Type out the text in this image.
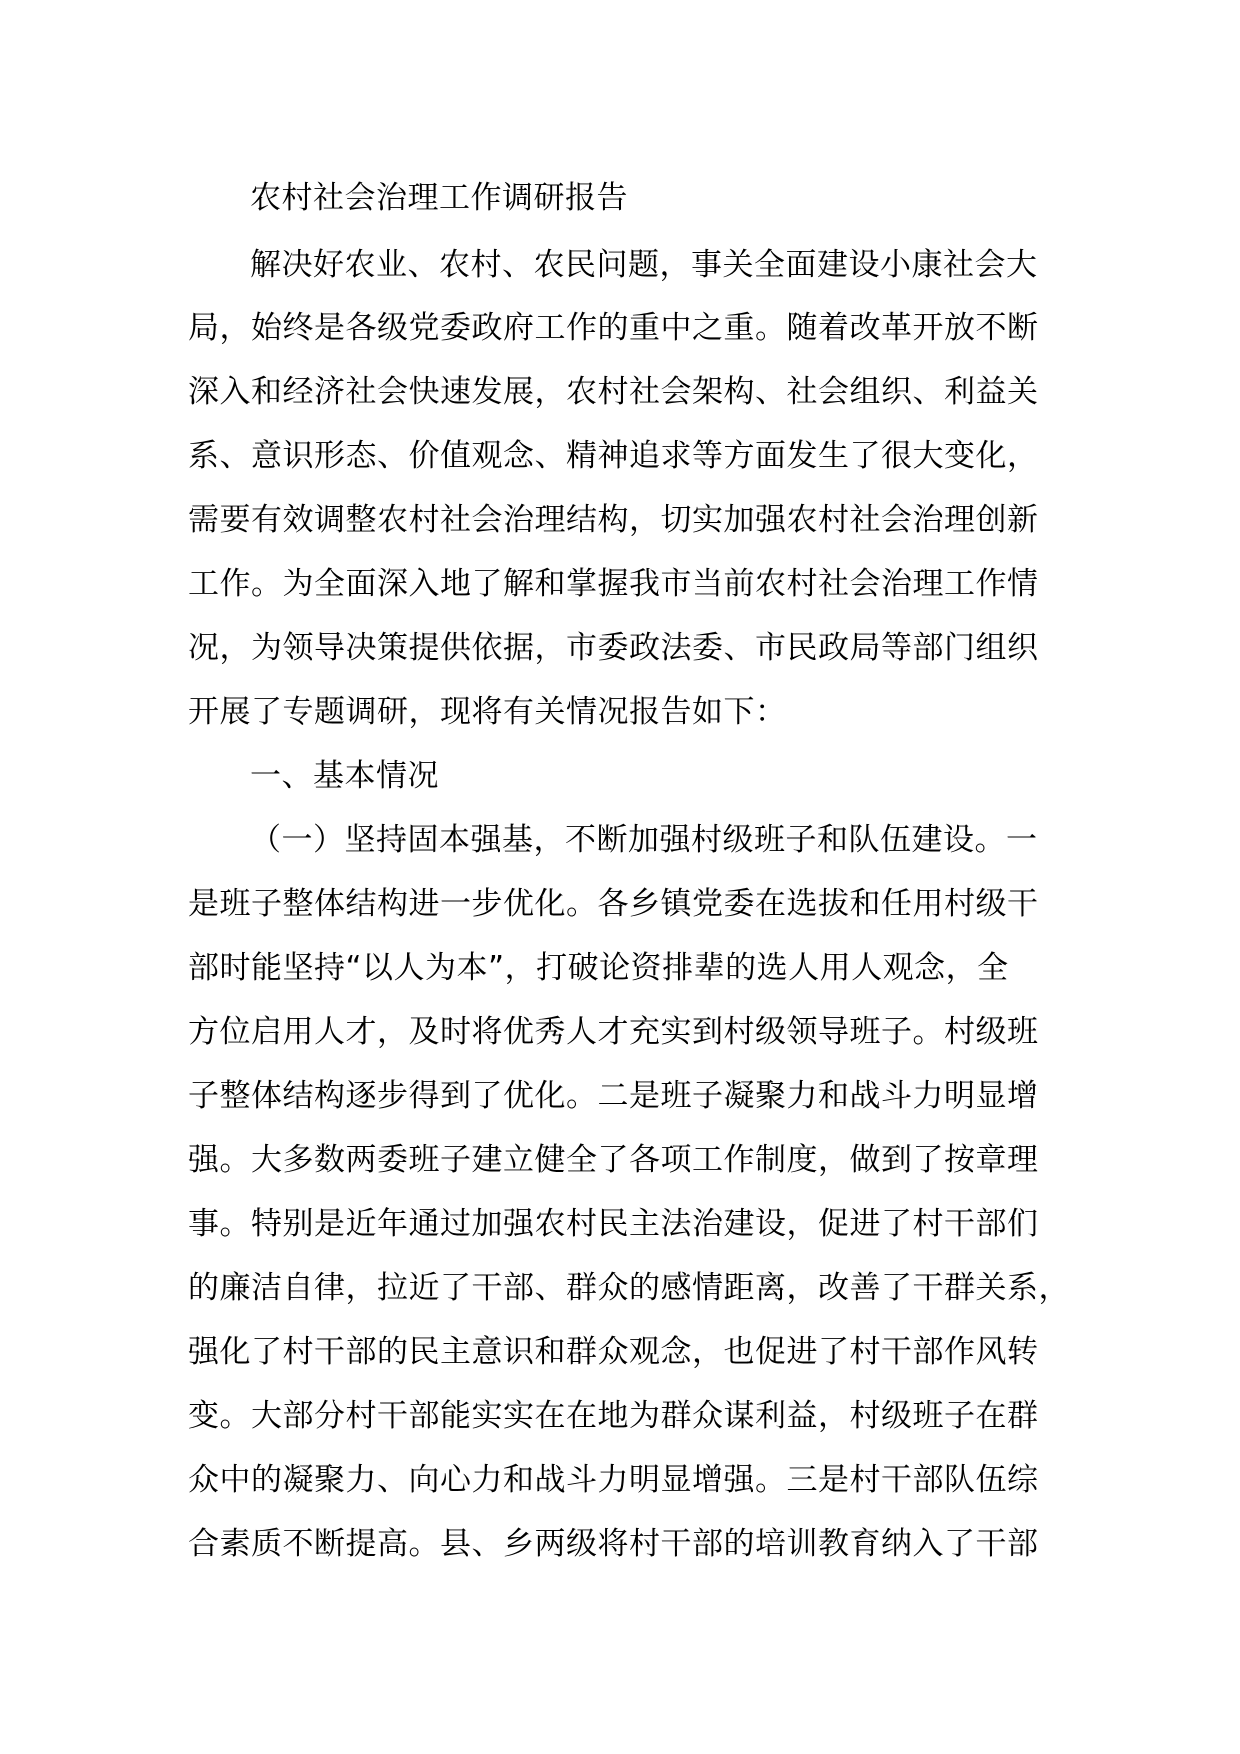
农村社会治理工作调研报告
解决好农业、农村、农民问题，事关全面建设小康社会大
局，始终是各级党委政府工作的重中之重。随着改革开放不断
深入和经济社会快速发展，农村社会架构、社会组织、利益关
系、意识形态、价值观念、精神追求等方面发生了很大变化，
需要有效调整农村社会治理结构，切实加强农村社会治理创新
工作。为全面深入地了解和掌握我市当前农村社会治理工作情
况，为领导决策提供依据，市委政法委、市民政局等部门组织
开展了专题调研，现将有关情况报告如下：
一、基本情况
（一）坚持固本强基，不断加强村级班子和队伍建设。一
是班子整体结构进一步优化。各乡镇党委在选拔和任用村级干
部时能坚持“以人为本”，打破论资排辈的选人用人观念，全
方位启用人才，及时将优秀人才充实到村级领导班子。村级班
子整体结构逐步得到了优化。二是班子凝聚力和战斗力明显增
强。大多数两委班子建立健全了各项工作制度，做到了按章理
事。特别是近年通过加强农村民主法治建设，促进了村干部们
的廉洁自律，拉近了干部、群众的感情距离，改善了干群关系，
强化了村干部的民主意识和群众观念，也促进了村干部作风转
变。大部分村干部能实实在在地为群众谋利益，村级班子在群
众中的凝聚力、向心力和战斗力明显增强。三是村干部队伍综
合素质不断提高。县、乡两级将村干部的培训教育纳入了干部
